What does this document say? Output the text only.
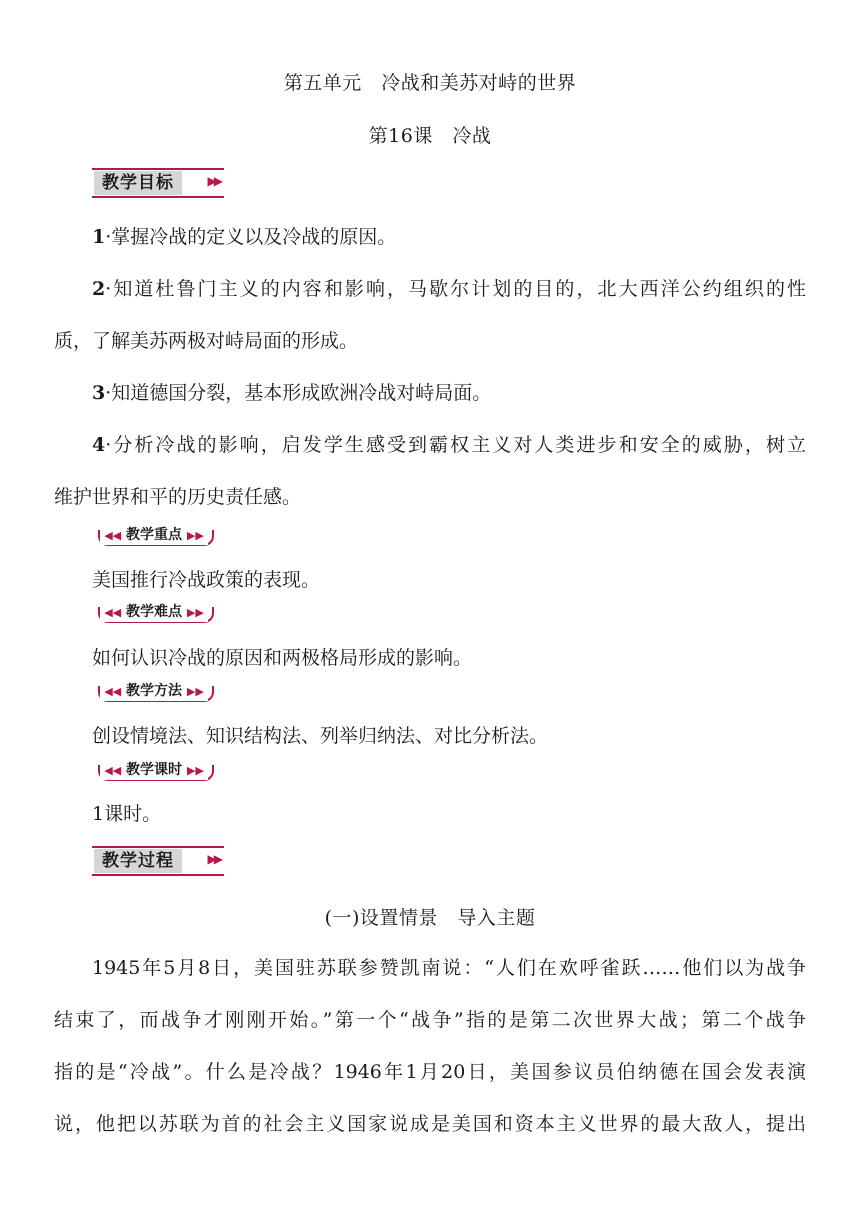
第五单元　冷战和美苏对峙的世界
第16课　冷战
教学目标	▶▶
1·掌握冷战的定义以及冷战的原因。
2·知道杜鲁门主义的内容和影响，马歇尔计划的目的，北大西洋公约组织的性
质，了解美苏两极对峙局面的形成。
3·知道德国分裂，基本形成欧洲冷战对峙局面。
4·分析冷战的影响，启发学生感受到霸权主义对人类进步和安全的威胁，树立
维护世界和平的历史责任感。
◀◀ 教学重点 ▶▶
美国推行冷战政策的表现。
◀◀ 教学难点 ▶▶
如何认识冷战的原因和两极格局形成的影响。
◀◀ 教学方法 ▶▶
创设情境法、知识结构法、列举归纳法、对比分析法。
◀◀ 教学课时 ▶▶
1课时。
教学过程	▶▶
(一)设置情景　导入主题
1945年5月8日，美国驻苏联参赞凯南说：“人们在欢呼雀跃……他们以为战争
结束了，而战争才刚刚开始。”第一个“战争”指的是第二次世界大战；第二个战争
指的是“冷战”。什么是冷战？1946年1月20日，美国参议员伯纳德在国会发表演
说，他把以苏联为首的社会主义国家说成是美国和资本主义世界的最大敌人，提出
